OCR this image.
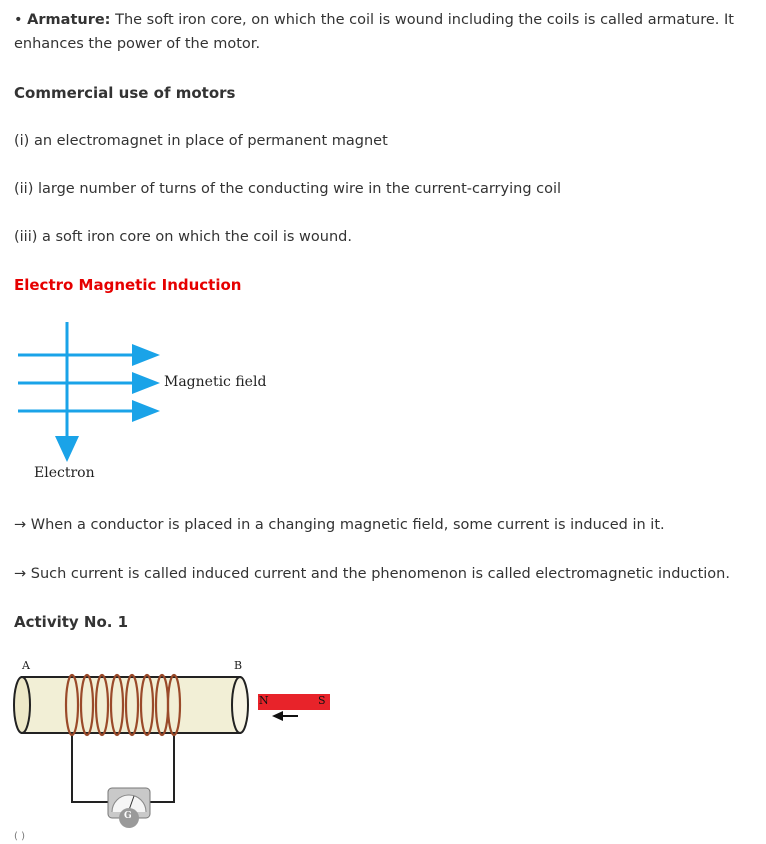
• Armature: The soft iron core, on which the coil is wound including the coils is called armature. It
enhances the power of the motor.
Commercial use of motors
(i) an electromagnet in place of permanent magnet
(ii) large number of turns of the conducting wire in the current-carrying coil
(iii) a soft iron core on which the coil is wound.
Electro Magnetic Induction
Magnetic field
Electron
→ When a conductor is placed in a changing magnetic field, some current is induced in it.
→ Such current is called induced current and the phenomenon is called electromagnetic induction.
Activity No. 1
A	B
N	S
G
( )
